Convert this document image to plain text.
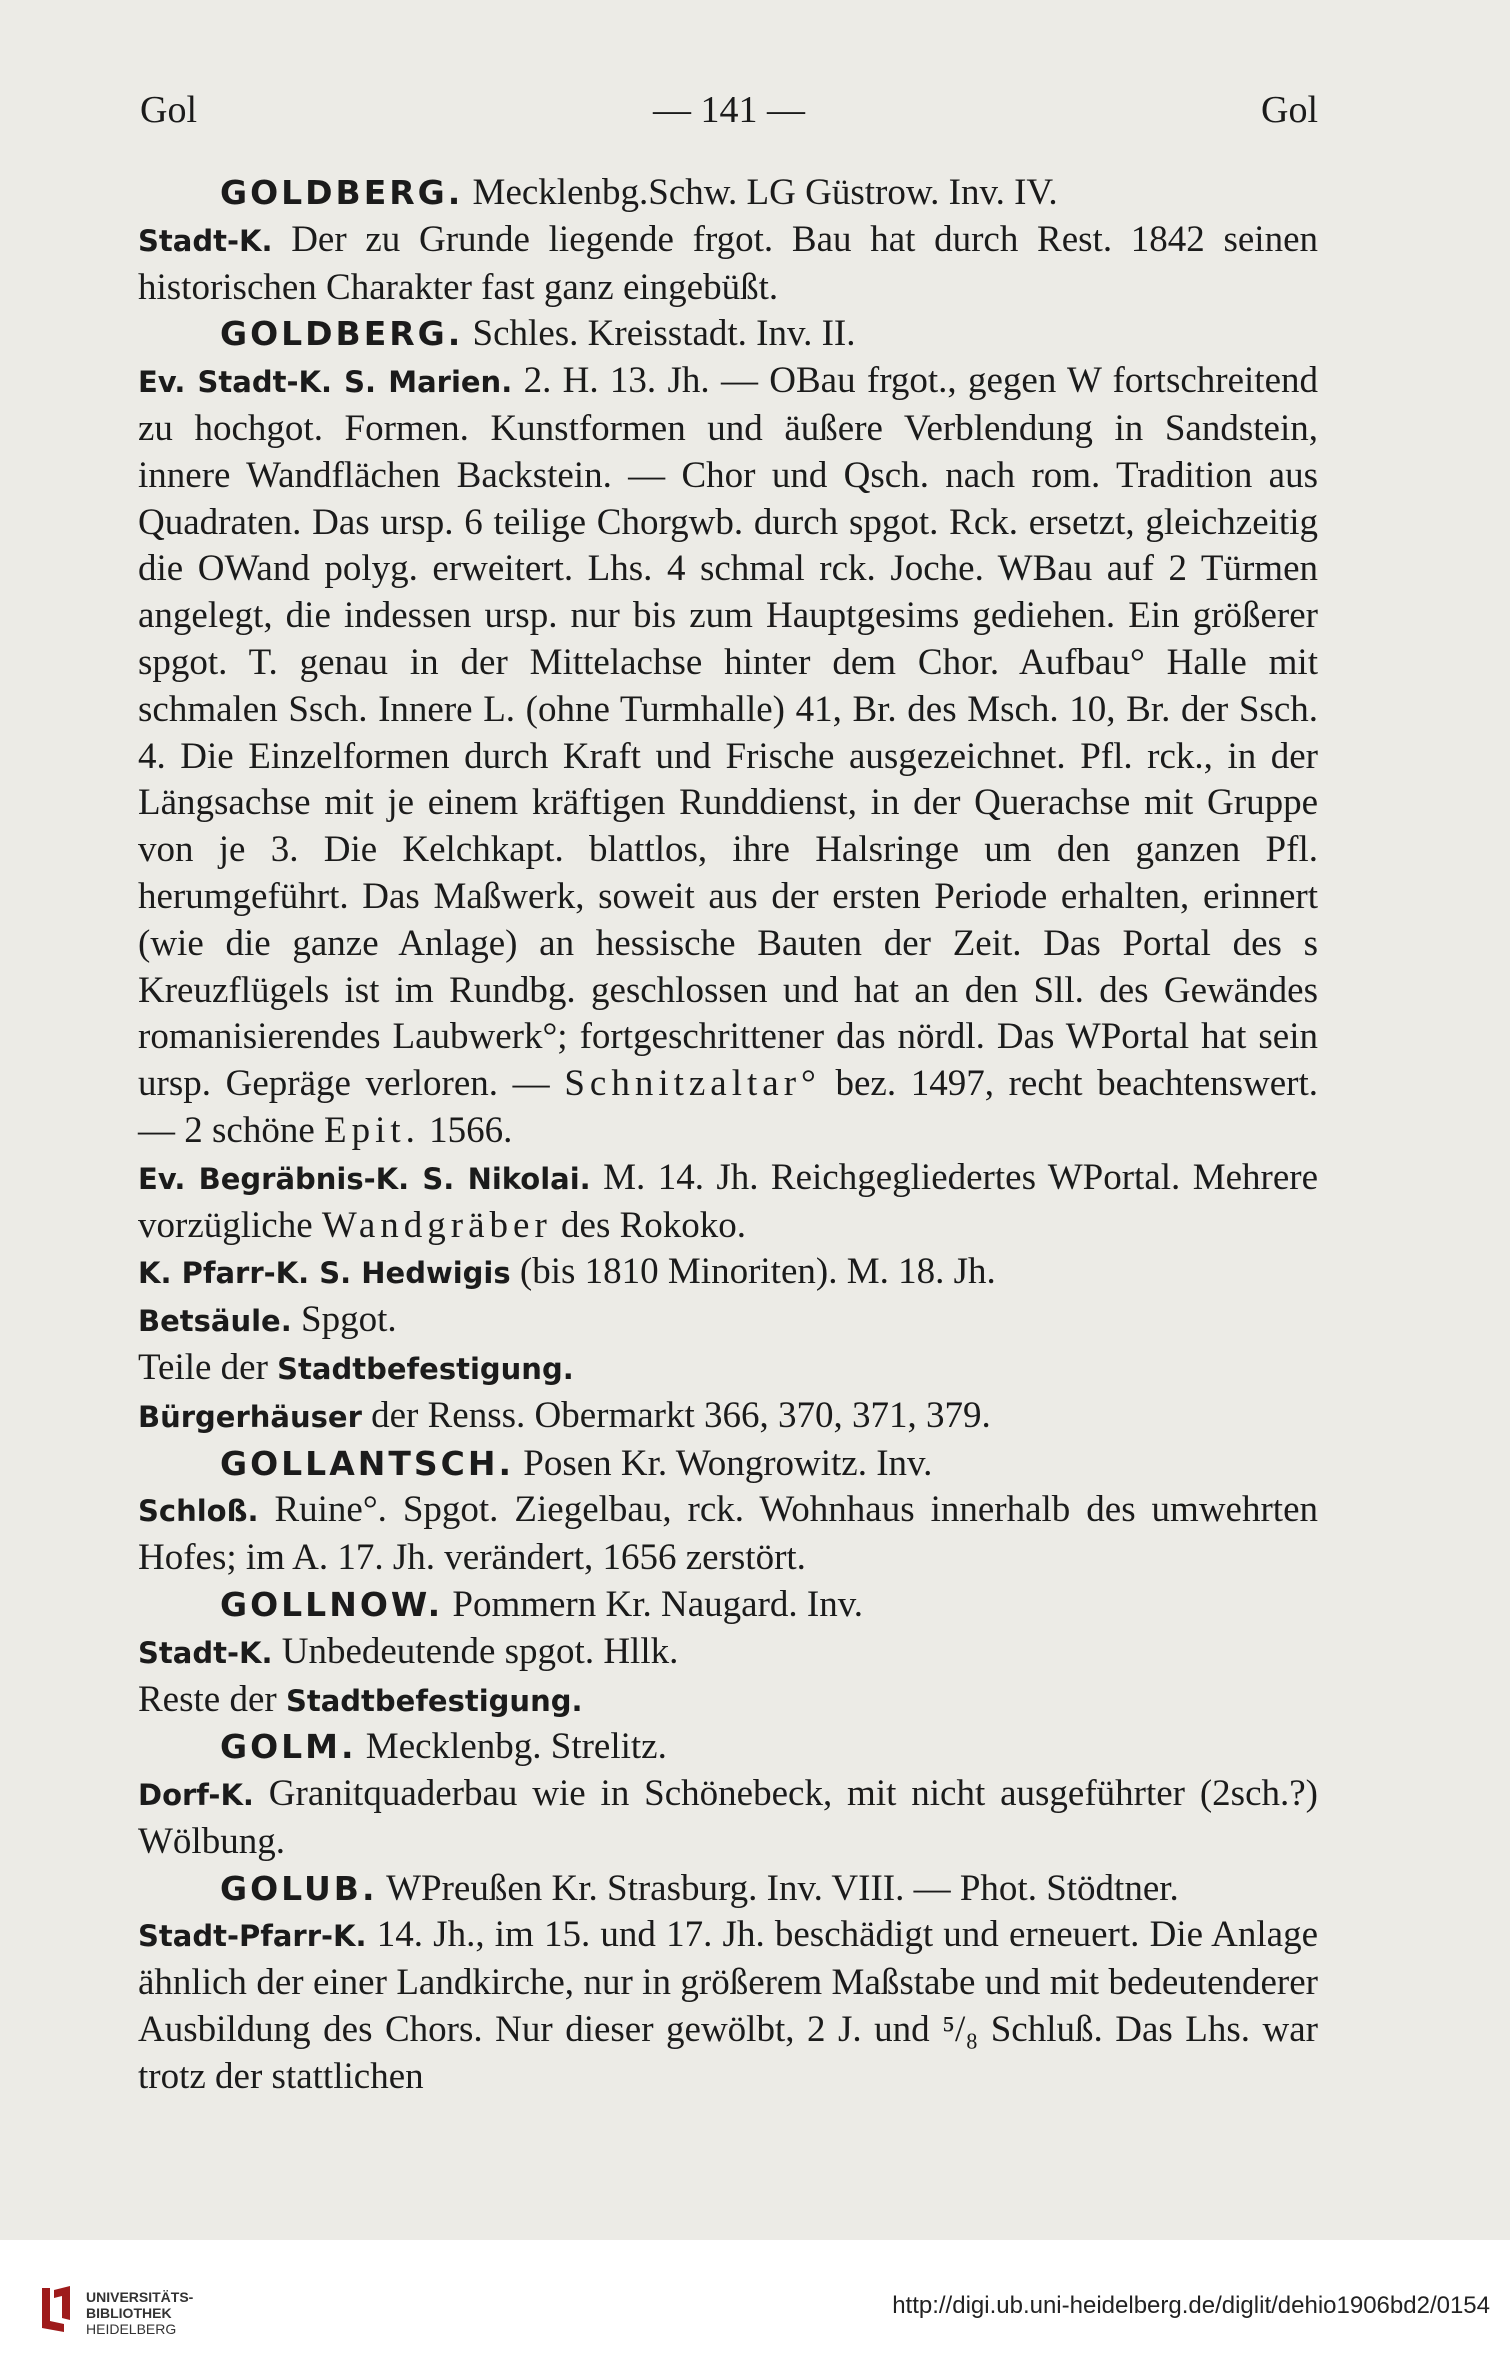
Gol	— 141 —	Gol

GOLDBERG. Mecklenbg.Schw. LG Güstrow. Inv. IV.

Stadt-K. Der zu Grunde liegende frgot. Bau hat durch Rest. 1842 seinen historischen Charakter fast ganz eingebüßt.

GOLDBERG. Schles. Kreisstadt. Inv. II.

Ev. Stadt-K. S. Marien. 2. H. 13. Jh. — OBau frgot., gegen W fortschreitend zu hochgot. Formen. Kunstformen und äußere Verblendung in Sandstein, innere Wandflächen Backstein. — Chor und Qsch. nach rom. Tradition aus Quadraten. Das ursp. 6 teilige Chorgwb. durch spgot. Rck. ersetzt, gleichzeitig die OWand polyg. erweitert. Lhs. 4 schmal rck. Joche. WBau auf 2 Türmen angelegt, die indessen ursp. nur bis zum Hauptgesims gediehen. Ein größerer spgot. T. genau in der Mittelachse hinter dem Chor. Aufbau° Halle mit schmalen Ssch. Innere L. (ohne Turmhalle) 41, Br. des Msch. 10, Br. der Ssch. 4. Die Einzelformen durch Kraft und Frische ausgezeichnet. Pfl. rck., in der Längsachse mit je einem kräftigen Runddienst, in der Querachse mit Gruppe von je 3. Die Kelchkapt. blattlos, ihre Halsringe um den ganzen Pfl. herumgeführt. Das Maßwerk, soweit aus der ersten Periode erhalten, erinnert (wie die ganze Anlage) an hessische Bauten der Zeit. Das Portal des s Kreuzflügels ist im Rundbg. geschlossen und hat an den Sll. des Gewändes romanisierendes Laubwerk°; fortgeschrittener das nördl. Das WPortal hat sein ursp. Gepräge verloren. — Schnitzaltar° bez. 1497, recht beachtenswert. — 2 schöne Epit. 1566.

Ev. Begräbnis-K. S. Nikolai. M. 14. Jh. Reichgegliedertes WPortal. Mehrere vorzügliche Wandgräber des Rokoko.

K. Pfarr-K. S. Hedwigis (bis 1810 Minoriten). M. 18. Jh.

Betsäule. Spgot.

Teile der Stadtbefestigung.

Bürgerhäuser der Renss. Obermarkt 366, 370, 371, 379.

GOLLANTSCH. Posen Kr. Wongrowitz. Inv.

Schloß. Ruine°. Spgot. Ziegelbau, rck. Wohnhaus innerhalb des umwehrten Hofes; im A. 17. Jh. verändert, 1656 zerstört.

GOLLNOW. Pommern Kr. Naugard. Inv.

Stadt-K. Unbedeutende spgot. Hllk.

Reste der Stadtbefestigung.

GOLM. Mecklenbg. Strelitz.

Dorf-K. Granitquaderbau wie in Schönebeck, mit nicht ausgeführter (2sch.?) Wölbung.

GOLUB. WPreußen Kr. Strasburg. Inv. VIII. — Phot. Stödtner.

Stadt-Pfarr-K. 14. Jh., im 15. und 17. Jh. beschädigt und erneuert. Die Anlage ähnlich der einer Landkirche, nur in größerem Maßstabe und mit bedeutenderer Ausbildung des Chors. Nur dieser gewölbt, 2 J. und ⁵/₈ Schluß. Das Lhs. war trotz der stattlichen

UNIVERSITÄTS-
BIBLIOTHEK
HEIDELBERG
http://digi.ub.uni-heidelberg.de/diglit/dehio1906bd2/0154
